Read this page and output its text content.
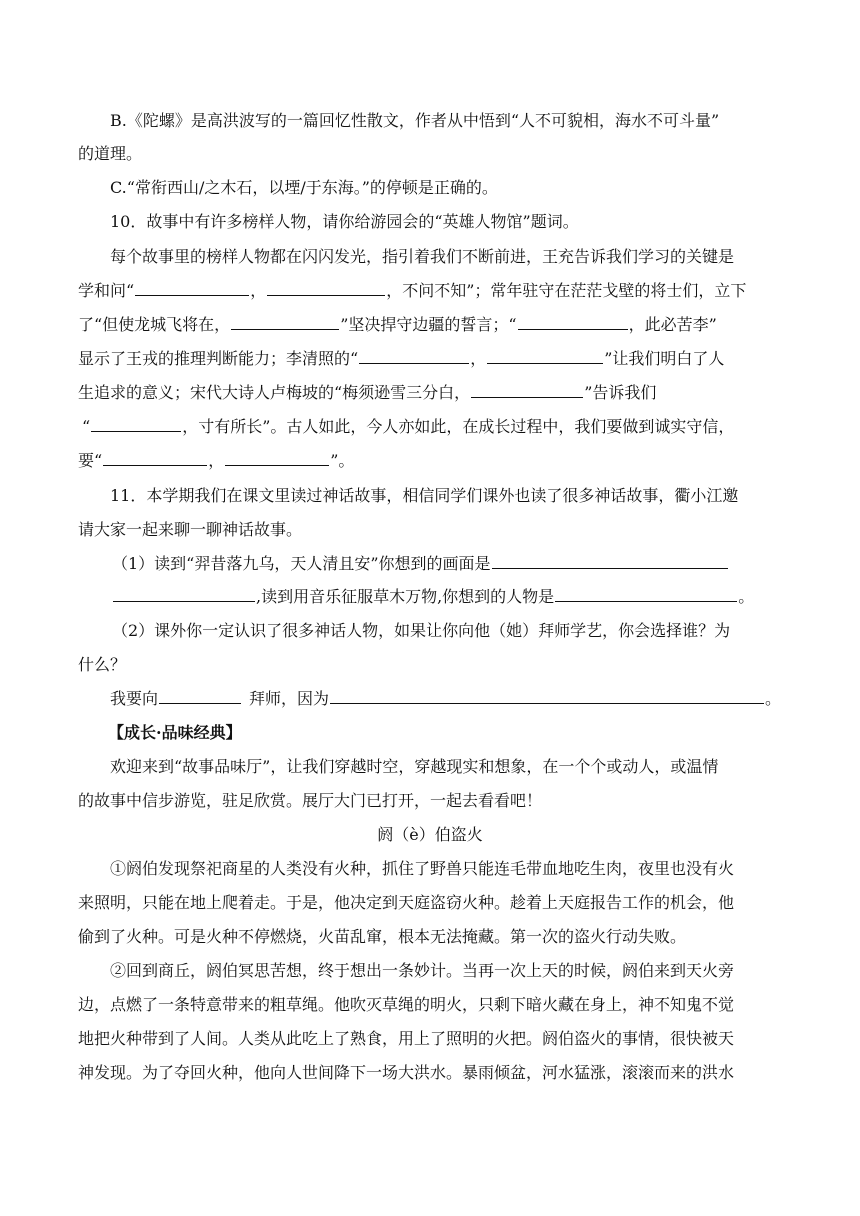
B.《陀螺》是高洪波写的一篇回忆性散文，作者从中悟到“人不可貌相，海水不可斗量”
的道理。
C.“常衔西山/之木石，以堙/于东海。”的停顿是正确的。
10．故事中有许多榜样人物，请你给游园会的“英雄人物馆”题词。
每个故事里的榜样人物都在闪闪发光，指引着我们不断前进，王充告诉我们学习的关键是
学和问“	，	，不问不知”；常年驻守在茫茫戈壁的将士们，立下
了“但使龙城飞将在，	”坚决捍守边疆的誓言；“	，此必苦李”
显示了王戎的推理判断能力；李清照的“	，	”让我们明白了人
生追求的意义；宋代大诗人卢梅坡的“梅须逊雪三分白，	”告诉我们
“	，寸有所长”。古人如此，今人亦如此，在成长过程中，我们要做到诚实守信，
要“	，	”。
11．本学期我们在课文里读过神话故事，相信同学们课外也读了很多神话故事，衢小江邀
请大家一起来聊一聊神话故事。
（1）读到“羿昔落九乌，天人清且安”你想到的画面是
,读到用音乐征服草木万物,你想到的人物是	。
（2）课外你一定认识了很多神话人物，如果让你向他（她）拜师学艺，你会选择谁？为
什么？
我要向	拜师，因为	。
【成长·品味经典】
欢迎来到“故事品味厅”，让我们穿越时空，穿越现实和想象，在一个个或动人，或温情
的故事中信步游览，驻足欣赏。展厅大门已打开，一起去看看吧！
阏（è）伯盗火
①阏伯发现祭祀商星的人类没有火种，抓住了野兽只能连毛带血地吃生肉，夜里也没有火
来照明，只能在地上爬着走。于是，他决定到天庭盗窃火种。趁着上天庭报告工作的机会，他
偷到了火种。可是火种不停燃烧，火苗乱窜，根本无法掩藏。第一次的盗火行动失败。
②回到商丘，阏伯冥思苦想，终于想出一条妙计。当再一次上天的时候，阏伯来到天火旁
边，点燃了一条特意带来的粗草绳。他吹灭草绳的明火，只剩下暗火藏在身上，神不知鬼不觉
地把火种带到了人间。人类从此吃上了熟食，用上了照明的火把。阏伯盗火的事情，很快被天
神发现。为了夺回火种，他向人世间降下一场大洪水。暴雨倾盆，河水猛涨，滚滚而来的洪水
